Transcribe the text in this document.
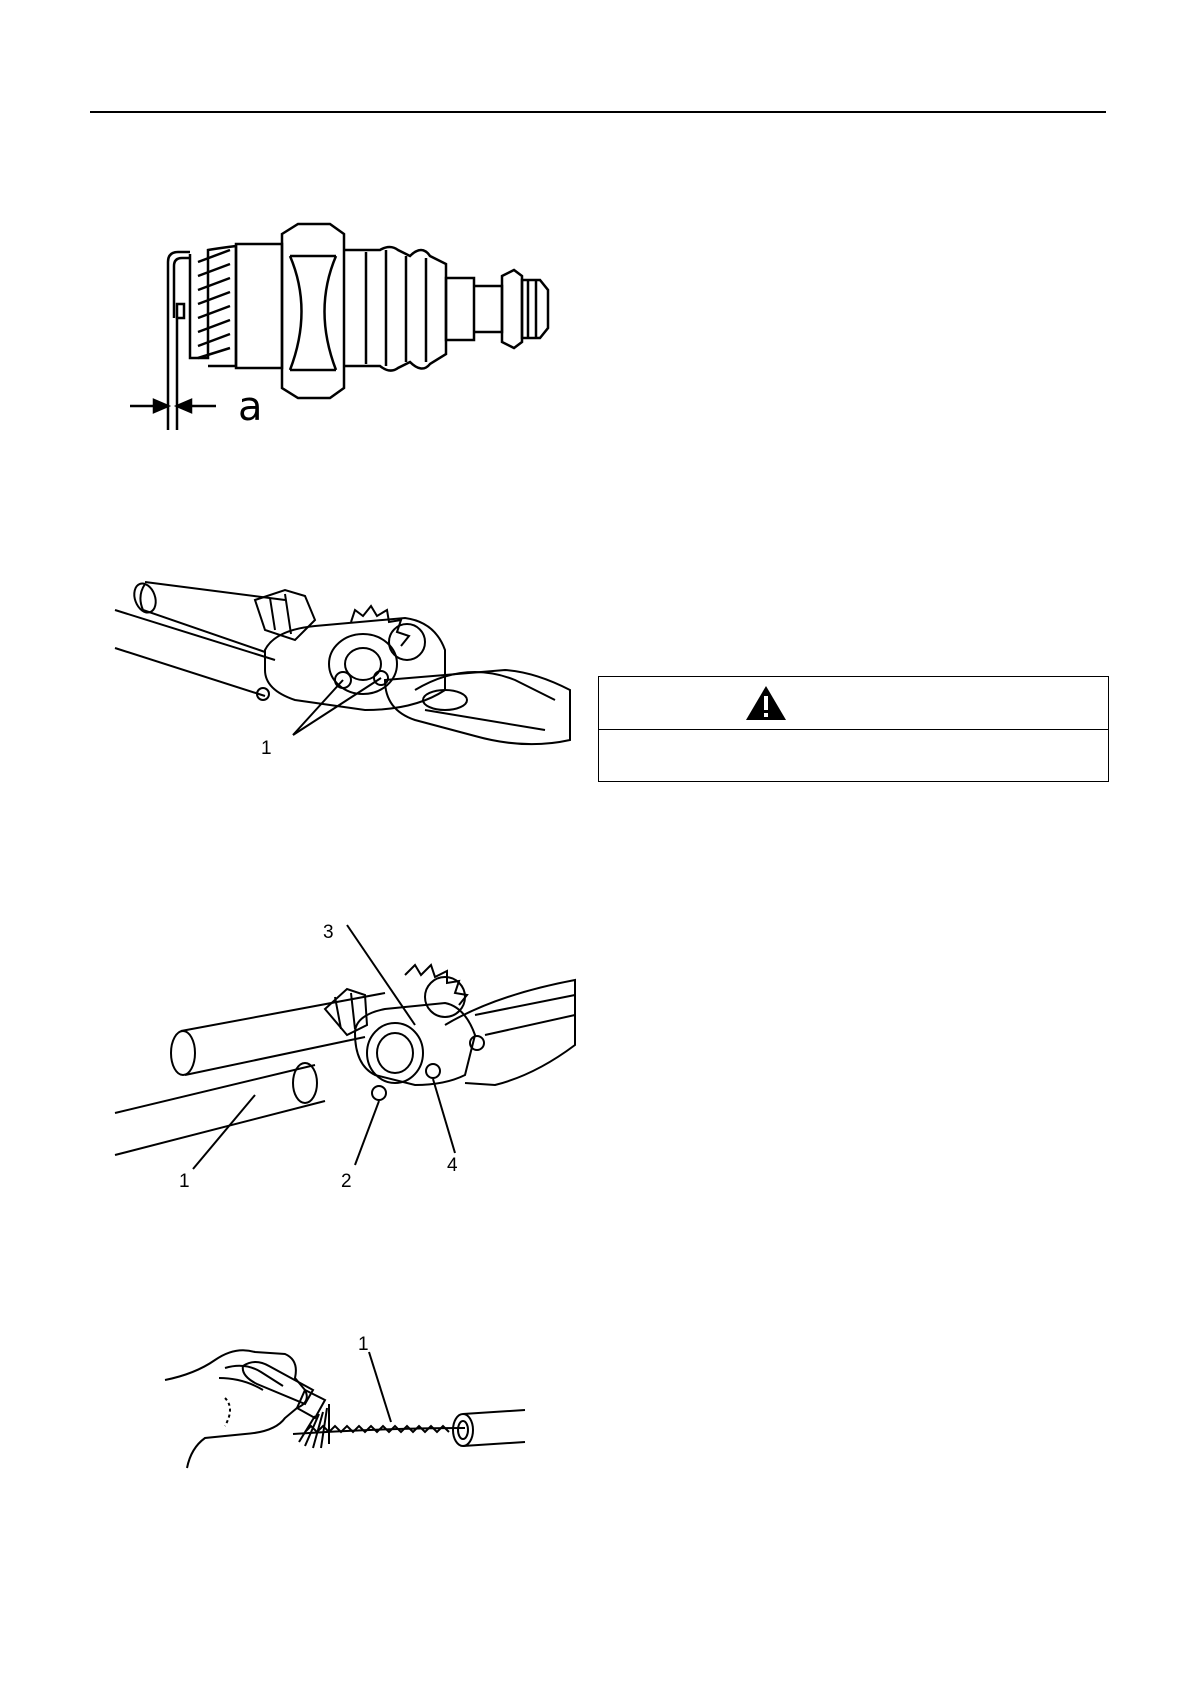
a
1
3
2
4
1
1
